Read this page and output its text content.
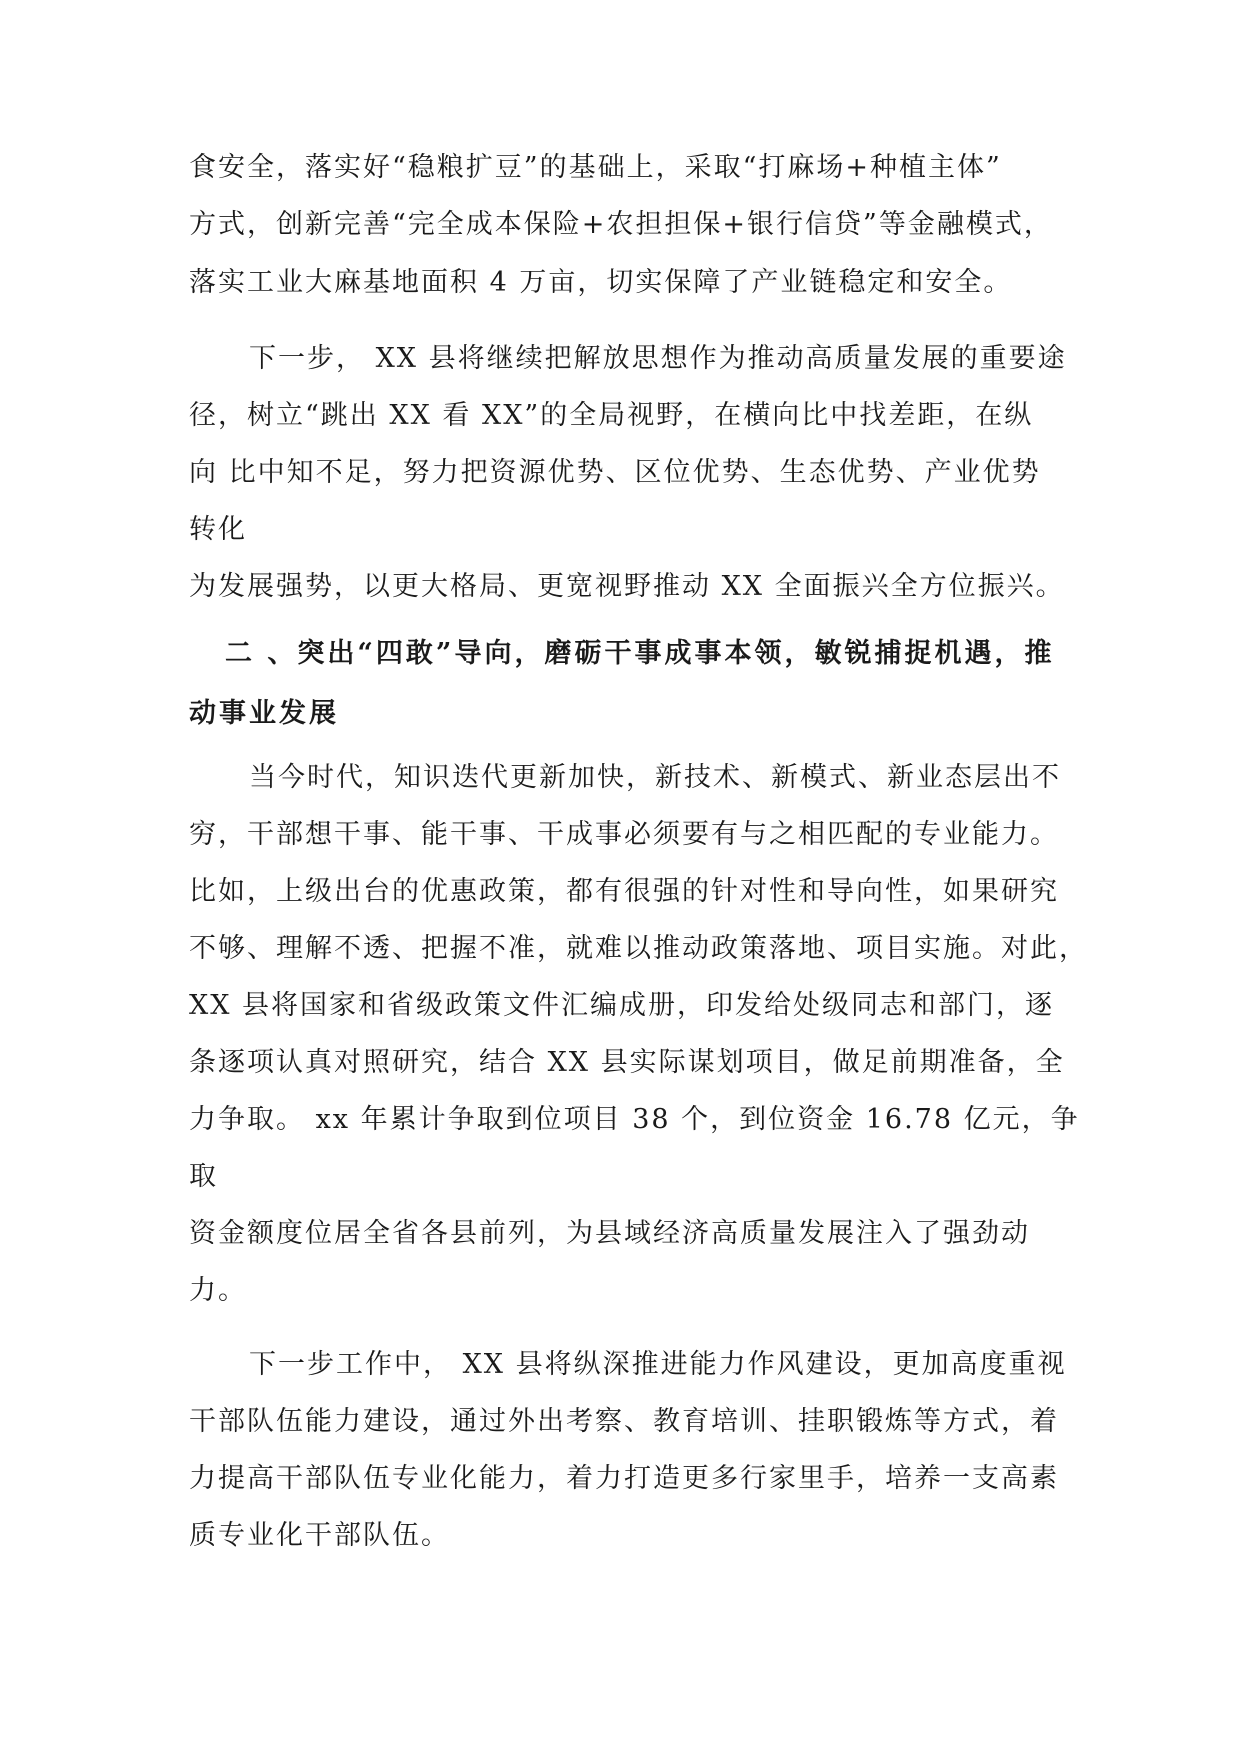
食安全，落实好“稳粮扩豆”的基础上，采取“打麻场+种植主体”
方式，创新完善“完全成本保险+农担担保+银行信贷”等金融模式，
落实工业大麻基地面积 4 万亩，切实保障了产业链稳定和安全。
下一步， XX 县将继续把解放思想作为推动高质量发展的重要途
径，树立“跳出 XX 看 XX”的全局视野，在横向比中找差距，在纵
向 比中知不足，努力把资源优势、区位优势、生态优势、产业优势
转化
为发展强势，以更大格局、更宽视野推动 XX 全面振兴全方位振兴。
二 、突出“四敢”导向，磨砺干事成事本领，敏锐捕捉机遇，推
动事业发展
当今时代，知识迭代更新加快，新技术、新模式、新业态层出不
穷，干部想干事、能干事、干成事必须要有与之相匹配的专业能力。
比如，上级出台的优惠政策，都有很强的针对性和导向性，如果研究
不够、理解不透、把握不准，就难以推动政策落地、项目实施。对此，
XX 县将国家和省级政策文件汇编成册，印发给处级同志和部门，逐
条逐项认真对照研究，结合 XX 县实际谋划项目，做足前期准备，全
力争取。 xx 年累计争取到位项目 38 个，到位资金 16.78 亿元，争
取
资金额度位居全省各县前列，为县域经济高质量发展注入了强劲动
力。
下一步工作中， XX 县将纵深推进能力作风建设，更加高度重视
干部队伍能力建设，通过外出考察、教育培训、挂职锻炼等方式，着
力提高干部队伍专业化能力，着力打造更多行家里手，培养一支高素
质专业化干部队伍。
